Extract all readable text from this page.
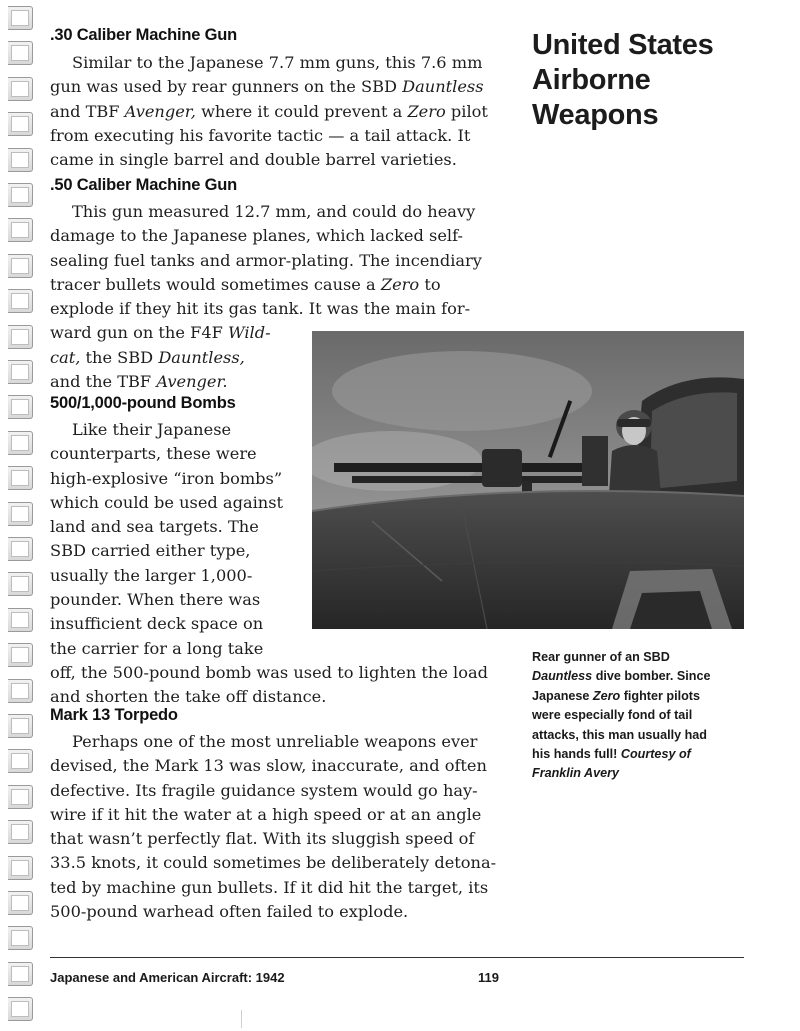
United States
Airborne
Weapons
.30 Caliber Machine Gun

Similar to the Japanese 7.7 mm guns, this 7.6 mm
gun was used by rear gunners on the SBD Dauntless
and TBF Avenger, where it could prevent a Zero pilot
from executing his favorite tactic — a tail attack. It
came in single barrel and double barrel varieties.

.50 Caliber Machine Gun

This gun measured 12.7 mm, and could do heavy
damage to the Japanese planes, which lacked self-
sealing fuel tanks and armor-plating. The incendiary
tracer bullets would sometimes cause a Zero to
explode if they hit its gas tank. It was the main for-
ward gun on the F4F Wild-
cat, the SBD Dauntless,
and the TBF Avenger.

500/1,000-pound Bombs

Like their Japanese
counterparts, these were
high-explosive “iron bombs”
which could be used against
land and sea targets. The
SBD carried either type,
usually the larger 1,000-
pounder. When there was
insufficient deck space on
the carrier for a long take
off, the 500-pound bomb was used to lighten the load
and shorten the take off distance.

Mark 13 Torpedo

Perhaps one of the most unreliable weapons ever
devised, the Mark 13 was slow, inaccurate, and often
defective. Its fragile guidance system would go hay-
wire if it hit the water at a high speed or at an angle
that wasn’t perfectly flat. With its sluggish speed of
33.5 knots, it could sometimes be deliberately detona-
ted by machine gun bullets. If it did hit the target, its
500-pound warhead often failed to explode.

Rear gunner of an SBD
Dauntless dive bomber. Since
Japanese Zero fighter pilots
were especially fond of tail
attacks, this man usually had
his hands full! Courtesy of
Franklin Avery

Japanese and American Aircraft: 1942	119
